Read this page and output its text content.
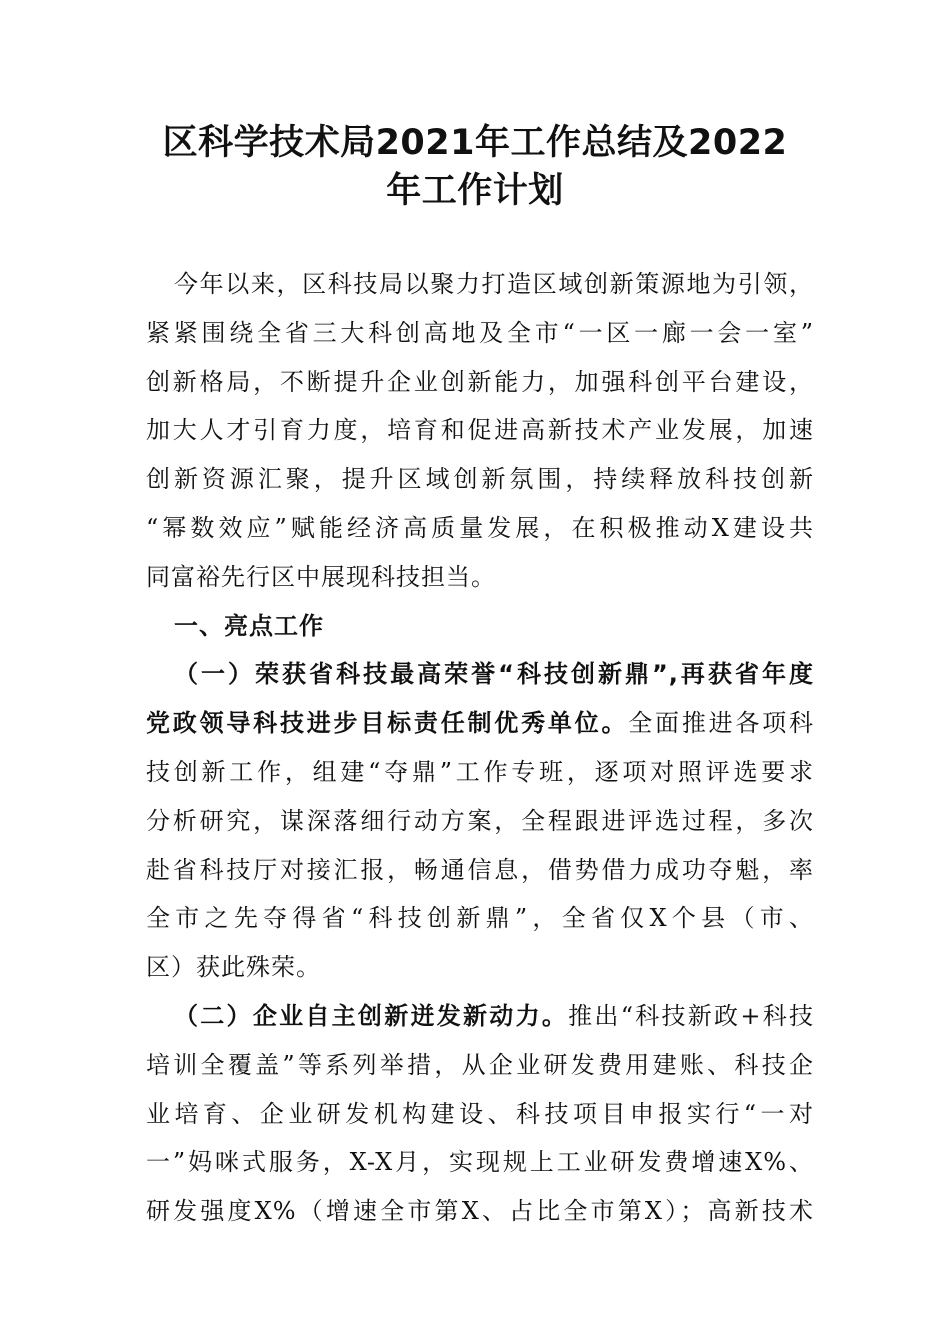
区科学技术局2021年工作总结及2022
年工作计划
今年以来，区科技局以聚力打造区域创新策源地为引领，
紧紧围绕全省三大科创高地及全市“一区一廊一会一室”
创新格局，不断提升企业创新能力，加强科创平台建设，
加大人才引育力度，培育和促进高新技术产业发展，加速
创新资源汇聚，提升区域创新氛围，持续释放科技创新
“幂数效应”赋能经济高质量发展，在积极推动X建设共
同富裕先行区中展现科技担当。
一、亮点工作
（一）荣获省科技最高荣誉“科技创新鼎”,再获省年度
党政领导科技进步目标责任制优秀单位。全面推进各项科
技创新工作，组建“夺鼎”工作专班，逐项对照评选要求
分析研究，谋深落细行动方案，全程跟进评选过程，多次
赴省科技厅对接汇报，畅通信息，借势借力成功夺魁，率
全市之先夺得省“科技创新鼎”，全省仅X个县（市、
区）获此殊荣。
（二）企业自主创新迸发新动力。推出“科技新政+科技
培训全覆盖”等系列举措，从企业研发费用建账、科技企
业培育、企业研发机构建设、科技项目申报实行“一对
一”妈咪式服务，X-X月，实现规上工业研发费增速X%、
研发强度X%（增速全市第X、占比全市第X）；高新技术
